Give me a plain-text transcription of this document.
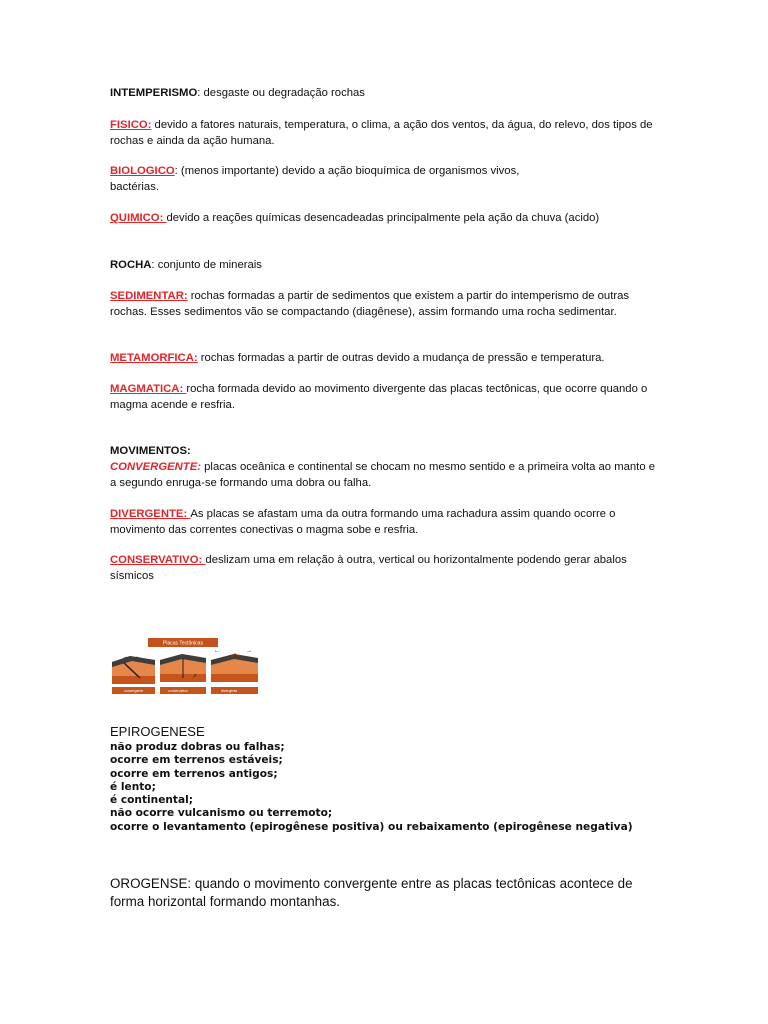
INTEMPERISMO: desgaste ou degradação rochas

FISICO: devido a fatores naturais, temperatura, o clima, a ação dos ventos, da água, do relevo, dos tipos de rochas e ainda da ação humana.

BIOLOGICO: (menos importante) devido a ação bioquímica de organismos vivos,
bactérias.

QUIMICO: devido a reações químicas desencadeadas principalmente pela ação da chuva (acido)

ROCHA: conjunto de minerais

SEDIMENTAR: rochas formadas a partir de sedimentos que existem a partir do intemperismo de outras rochas. Esses sedimentos vão se compactando (diagênese), assim formando uma rocha sedimentar.

METAMORFICA: rochas formadas a partir de outras devido a mudança de pressão e temperatura.

MAGMATICA: rocha formada devido ao movimento divergente das placas tectônicas, que ocorre quando o magma acende e resfria.

MOVIMENTOS:

CONVERGENTE: placas oceânica e continental se chocam no mesmo sentido e a primeira volta ao manto e a segundo enruga-se formando uma dobra ou falha.

DIVERGENTE: As placas se afastam uma da outra formando uma rachadura assim quando ocorre o movimento das correntes conectivas o magma sobe e resfria.

CONSERVATIVO: deslizam uma em relação à outra, vertical ou horizontalmente podendo gerar abalos sísmicos

Placas Tectônicas
→ ←
convergente
↗
conservativo
←	→
divergente

EPIROGENESE

não produz dobras ou falhas;
ocorre em terrenos estáveis;
ocorre em terrenos antigos;
é lento;
é continental;
não ocorre vulcanismo ou terremoto;
ocorre o levantamento (epirogênese positiva) ou rebaixamento (epirogênese negativa)

OROGENSE: quando o movimento convergente entre as placas tectônicas acontece de forma horizontal formando montanhas.
